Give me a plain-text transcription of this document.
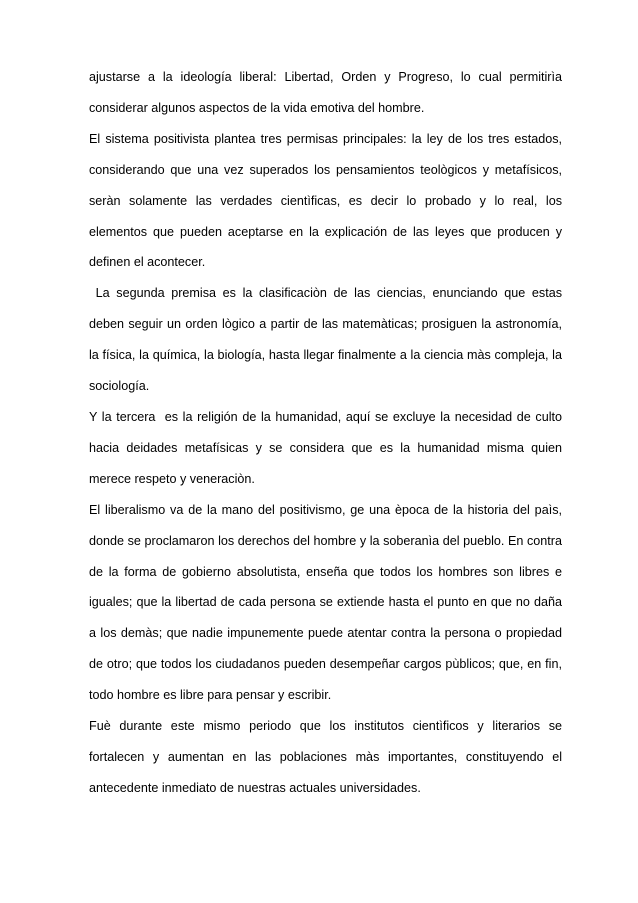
ajustarse a la ideología liberal: Libertad, Orden y Progreso, lo cual permitirìa considerar algunos aspectos de la vida emotiva del hombre.

El sistema positivista plantea tres permisas principales: la ley de los tres estados, considerando que una vez superados los pensamientos teològicos y metafísicos, seràn solamente las verdades cientìficas, es decir lo probado y lo real, los elementos que pueden aceptarse en la explicación de las leyes que producen y definen el acontecer.

La segunda premisa es la clasificaciòn de las ciencias, enunciando que estas deben seguir un orden lògico a partir de las matemàticas; prosiguen la astronomía, la física, la química, la biología, hasta llegar finalmente a la ciencia màs compleja, la sociología.

Y la tercera  es la religión de la humanidad, aquí se excluye la necesidad de culto hacia deidades metafísicas y se considera que es la humanidad misma quien merece respeto y veneraciòn.

El liberalismo va de la mano del positivismo, ge una època de la historia del paìs, donde se proclamaron los derechos del hombre y la soberanìa del pueblo. En contra de la forma de gobierno absolutista, enseña que todos los hombres son libres e iguales; que la libertad de cada persona se extiende hasta el punto en que no daña a los demàs; que nadie impunemente puede atentar contra la persona o propiedad de otro; que todos los ciudadanos pueden desempeñar cargos pùblicos; que, en fin, todo hombre es libre para pensar y escribir.

Fuè durante este mismo periodo que los institutos cientìficos y literarios se fortalecen y aumentan en las poblaciones màs importantes, constituyendo el antecedente inmediato de nuestras actuales universidades.
